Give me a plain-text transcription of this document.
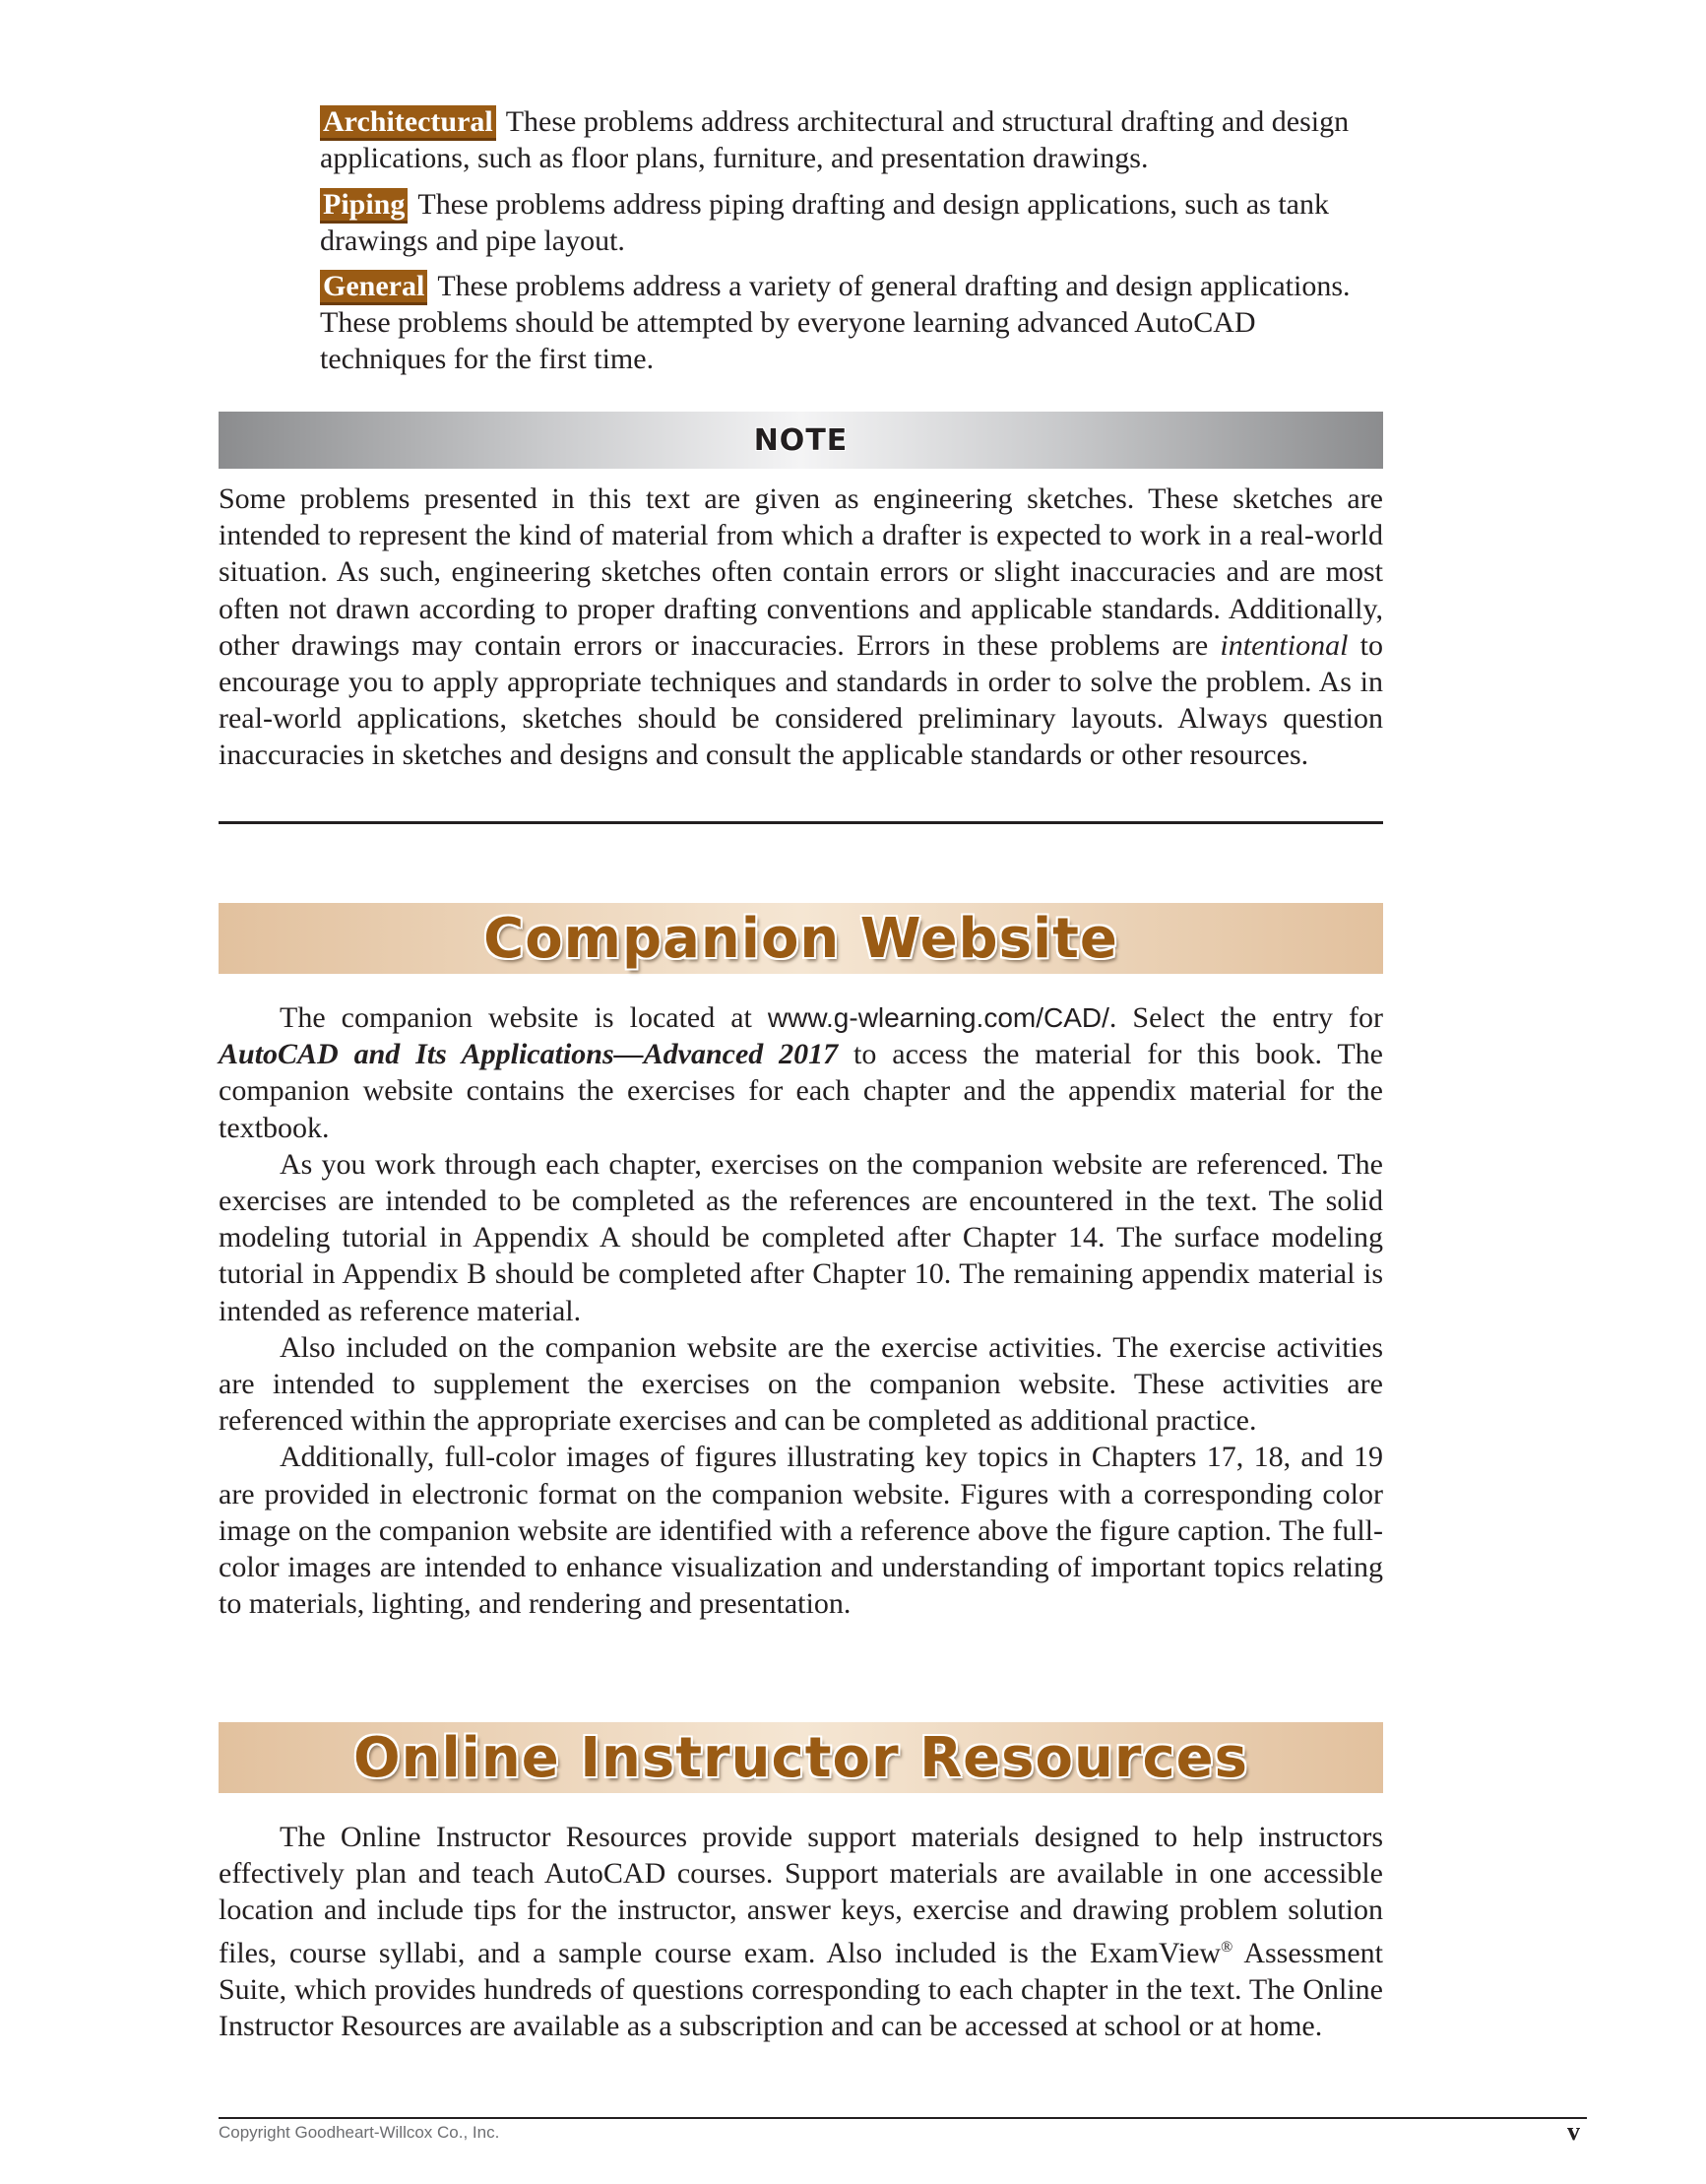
Architectural These problems address architectural and structural drafting and design applications, such as floor plans, furniture, and presentation drawings.
Piping These problems address piping drafting and design applications, such as tank drawings and pipe layout.
General These problems address a variety of general drafting and design applications. These problems should be attempted by everyone learning advanced AutoCAD techniques for the first time.
NOTE
Some problems presented in this text are given as engineering sketches. These sketches are intended to represent the kind of material from which a drafter is expected to work in a real-world situation. As such, engineering sketches often contain errors or slight inaccuracies and are most often not drawn according to proper drafting conventions and applicable standards. Additionally, other drawings may contain errors or inaccuracies. Errors in these problems are intentional to encourage you to apply appropriate techniques and standards in order to solve the problem. As in real-world applications, sketches should be considered preliminary layouts. Always question inaccuracies in sketches and designs and consult the applicable standards or other resources.
Companion Website

The companion website is located at www.g-wlearning.com/CAD/. Select the entry for AutoCAD and Its Applications—Advanced 2017 to access the material for this book. The companion website contains the exercises for each chapter and the appendix material for the textbook.

As you work through each chapter, exercises on the companion website are referenced. The exercises are intended to be completed as the references are encountered in the text. The solid modeling tutorial in Appendix A should be completed after Chapter 14. The surface modeling tutorial in Appendix B should be completed after Chapter 10. The remaining appendix material is intended as reference material.

Also included on the companion website are the exercise activities. The exercise activities are intended to supplement the exercises on the companion website. These activities are referenced within the appropriate exercises and can be completed as additional practice.

Additionally, full-color images of figures illustrating key topics in Chapters 17, 18, and 19 are provided in electronic format on the companion website. Figures with a corresponding color image on the companion website are identified with a reference above the figure caption. The full-color images are intended to enhance visualization and understanding of important topics relating to materials, lighting, and rendering and presentation.

Online Instructor Resources

The Online Instructor Resources provide support materials designed to help instructors effectively plan and teach AutoCAD courses. Support materials are available in one accessible location and include tips for the instructor, answer keys, exercise and drawing problem solution files, course syllabi, and a sample course exam. Also included is the ExamView® Assessment Suite, which provides hundreds of questions corresponding to each chapter in the text. The Online Instructor Resources are available as a subscription and can be accessed at school or at home.

Copyright Goodheart-Willcox Co., Inc.	v
